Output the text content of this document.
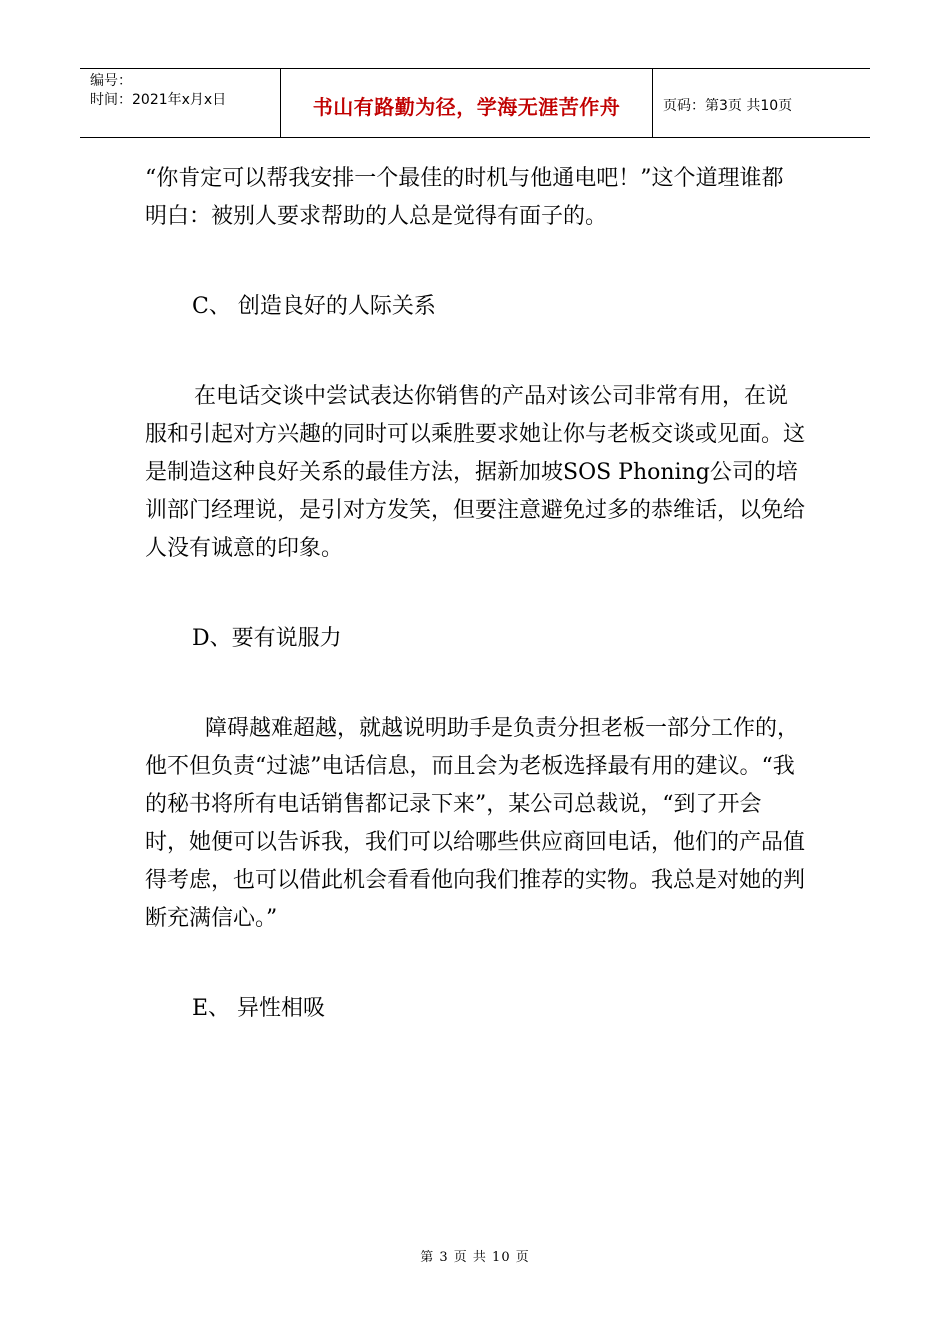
编号：
时间：2021年x月x日	书山有路勤为径，学海无涯苦作舟	页码：第3页 共10页

“你肯定可以帮我安排一个最佳的时机与他通电吧！”这个道理谁都明白：被别人要求帮助的人总是觉得有面子的。

C、 创造良好的人际关系

在电话交谈中尝试表达你销售的产品对该公司非常有用，在说服和引起对方兴趣的同时可以乘胜要求她让你与老板交谈或见面。这是制造这种良好关系的最佳方法，据新加坡SOS Phoning公司的培训部门经理说，是引对方发笑，但要注意避免过多的恭维话，以免给人没有诚意的印象。

D、要有说服力

障碍越难超越，就越说明助手是负责分担老板一部分工作的，他不但负责“过滤”电话信息，而且会为老板选择最有用的建议。“我的秘书将所有电话销售都记录下来”，某公司总裁说，“到了开会时，她便可以告诉我，我们可以给哪些供应商回电话，他们的产品值得考虑，也可以借此机会看看他向我们推荐的实物。我总是对她的判断充满信心。”

E、 异性相吸

第 3 页 共 10 页
